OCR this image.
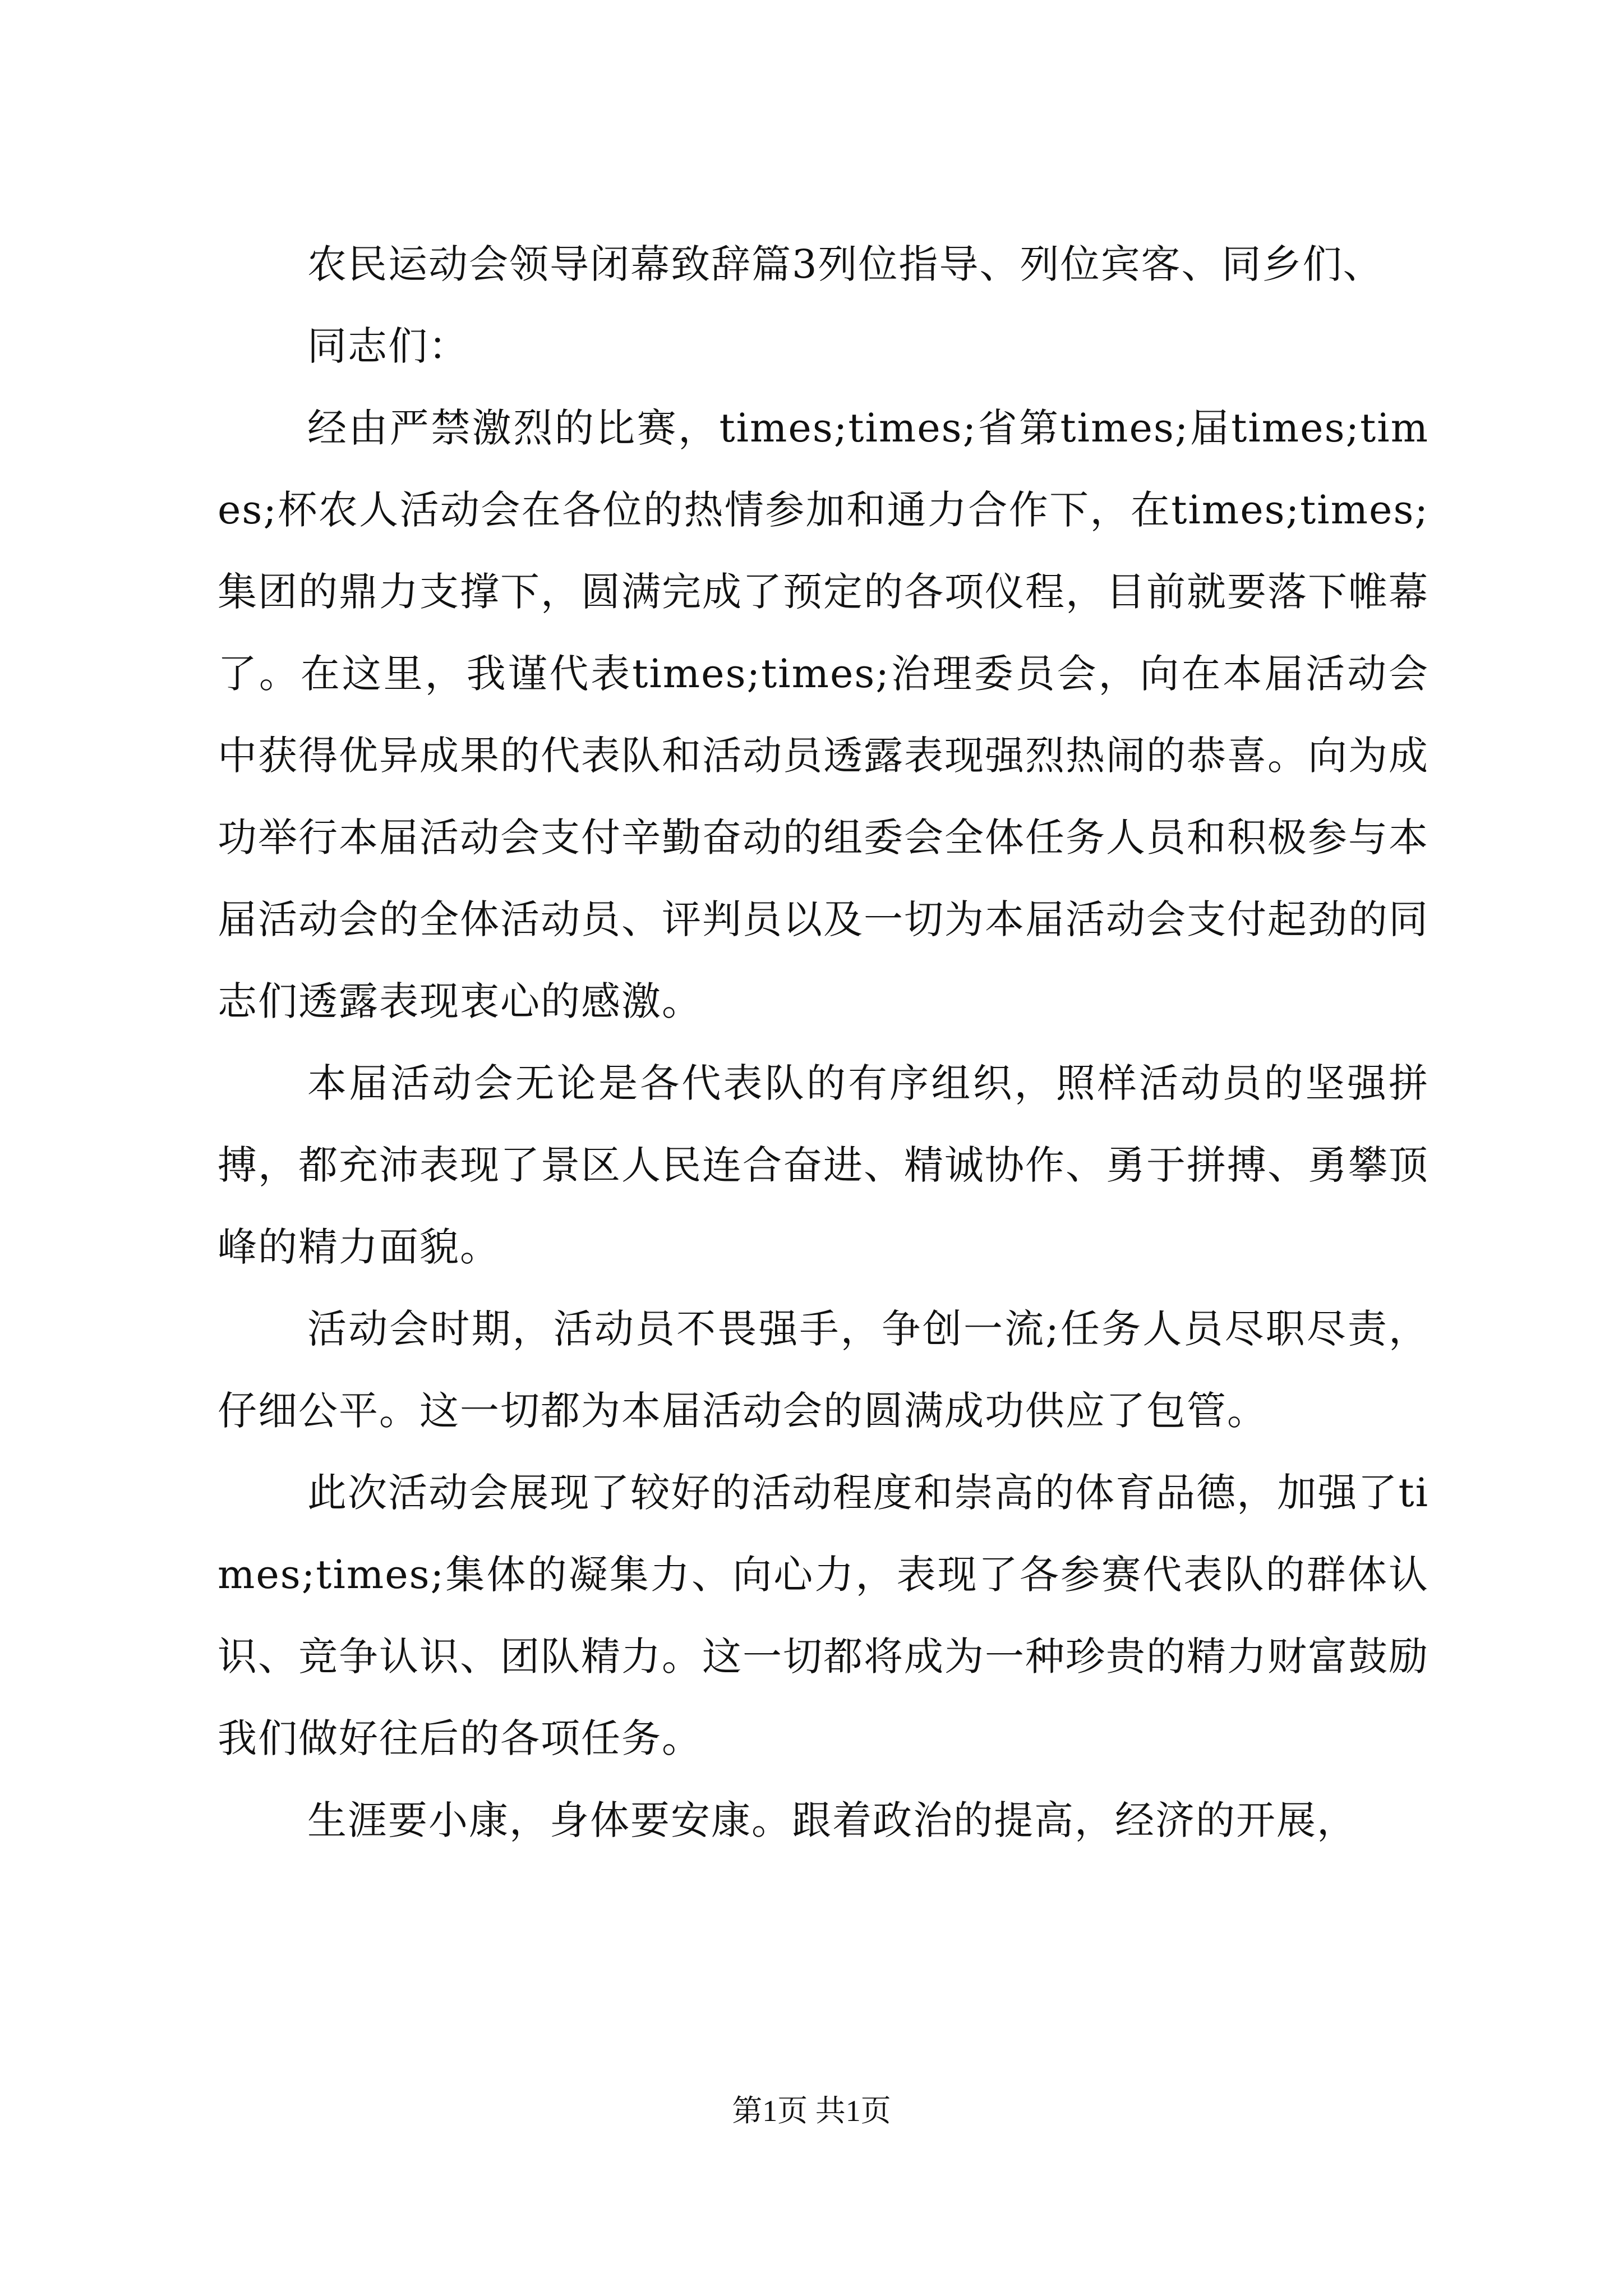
农民运动会领导闭幕致辞篇3列位指导、列位宾客、同乡们、

同志们：

经由严禁激烈的比赛，times;times;省第times;届times;times;杯农人活动会在各位的热情参加和通力合作下，在times;times;集团的鼎力支撑下，圆满完成了预定的各项仪程，目前就要落下帷幕了。在这里，我谨代表times;times;治理委员会，向在本届活动会中获得优异成果的代表队和活动员透露表现强烈热闹的恭喜。向为成功举行本届活动会支付辛勤奋动的组委会全体任务人员和积极参与本届活动会的全体活动员、评判员以及一切为本届活动会支付起劲的同志们透露表现衷心的感激。

本届活动会无论是各代表队的有序组织，照样活动员的坚强拼搏，都充沛表现了景区人民连合奋进、精诚协作、勇于拼搏、勇攀顶峰的精力面貌。

活动会时期，活动员不畏强手，争创一流;任务人员尽职尽责，仔细公平。这一切都为本届活动会的圆满成功供应了包管。

此次活动会展现了较好的活动程度和崇高的体育品德，加强了times;times;集体的凝集力、向心力，表现了各参赛代表队的群体认识、竞争认识、团队精力。这一切都将成为一种珍贵的精力财富鼓励我们做好往后的各项任务。

生涯要小康，身体要安康。跟着政治的提高，经济的开展，

第1页 共1页
